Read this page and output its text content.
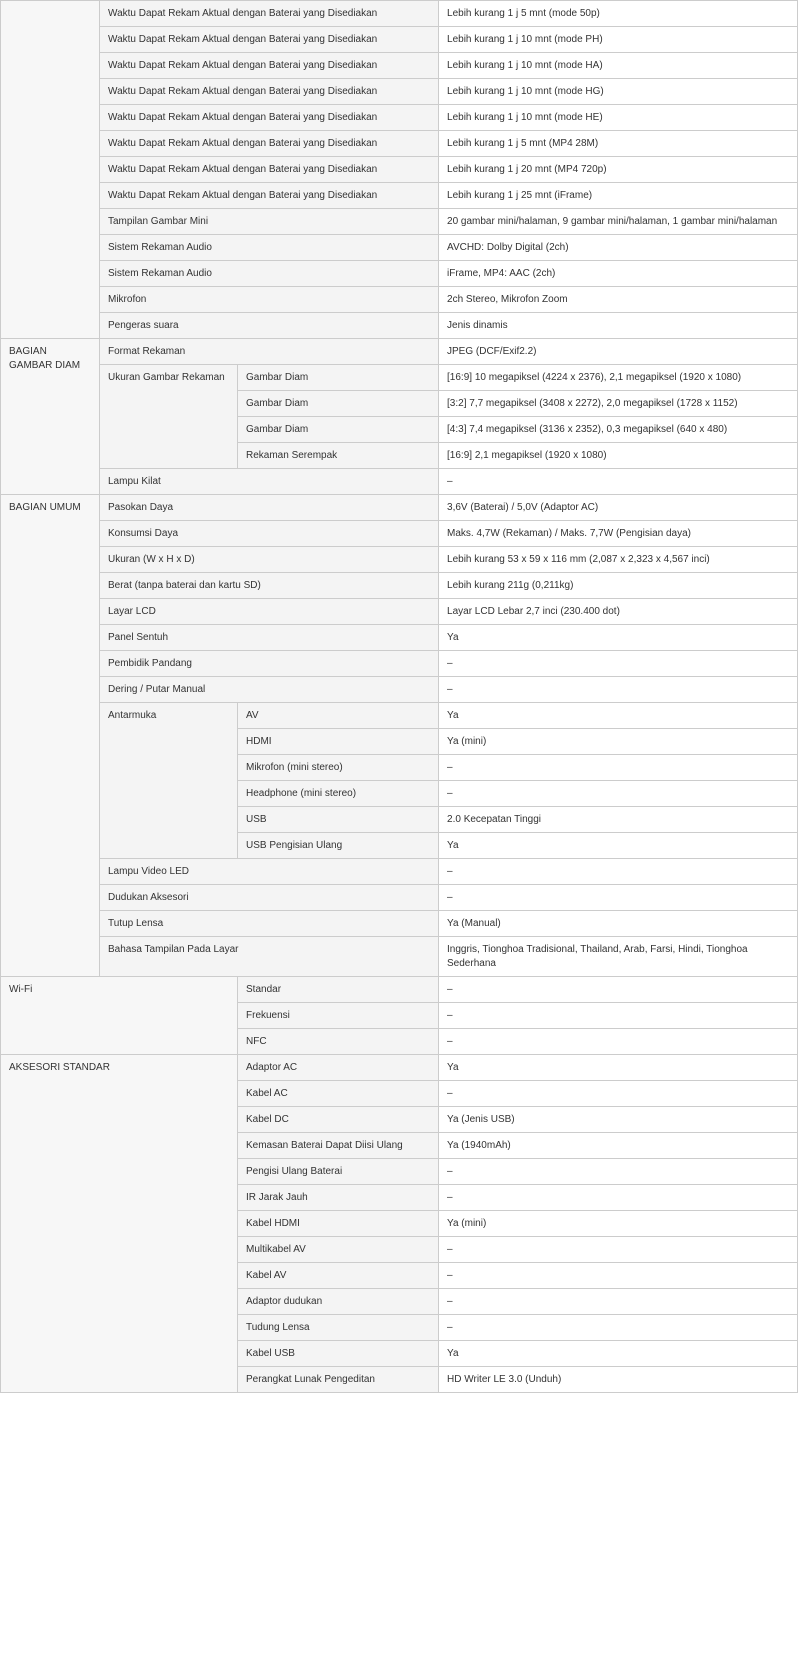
	Waktu Dapat Rekam Aktual dengan Baterai yang Disediakan		Lebih kurang 1 j 5 mnt (mode 50p)
	Waktu Dapat Rekam Aktual dengan Baterai yang Disediakan		Lebih kurang 1 j 10 mnt (mode PH)
	Waktu Dapat Rekam Aktual dengan Baterai yang Disediakan		Lebih kurang 1 j 10 mnt (mode HA)
	Waktu Dapat Rekam Aktual dengan Baterai yang Disediakan		Lebih kurang 1 j 10 mnt (mode HG)
	Waktu Dapat Rekam Aktual dengan Baterai yang Disediakan		Lebih kurang 1 j 10 mnt (mode HE)
	Waktu Dapat Rekam Aktual dengan Baterai yang Disediakan		Lebih kurang 1 j 5 mnt (MP4 28M)
	Waktu Dapat Rekam Aktual dengan Baterai yang Disediakan		Lebih kurang 1 j 20 mnt (MP4 720p)
	Waktu Dapat Rekam Aktual dengan Baterai yang Disediakan		Lebih kurang 1 j 25 mnt (iFrame)
	Tampilan Gambar Mini		20 gambar mini/halaman, 9 gambar mini/halaman, 1 gambar mini/halaman
	Sistem Rekaman Audio		AVCHD: Dolby Digital (2ch)
	Sistem Rekaman Audio		iFrame, MP4: AAC (2ch)
	Mikrofon		2ch Stereo, Mikrofon Zoom
	Pengeras suara		Jenis dinamis
BAGIAN GAMBAR DIAM	Format Rekaman		JPEG (DCF/Exif2.2)
	Ukuran Gambar Rekaman	Gambar Diam	[16:9] 10 megapiksel (4224 x 2376), 2,1 megapiksel (1920 x 1080)
		Gambar Diam	[3:2] 7,7 megapiksel (3408 x 2272), 2,0 megapiksel (1728 x 1152)
		Gambar Diam	[4:3] 7,4 megapiksel (3136 x 2352), 0,3 megapiksel (640 x 480)
		Rekaman Serempak	[16:9] 2,1 megapiksel (1920 x 1080)
	Lampu Kilat		–
BAGIAN UMUM	Pasokan Daya		3,6V (Baterai) / 5,0V (Adaptor AC)
	Konsumsi Daya		Maks. 4,7W (Rekaman) / Maks. 7,7W (Pengisian daya)
	Ukuran (W x H x D)		Lebih kurang 53 x 59 x 116 mm (2,087 x 2,323 x 4,567 inci)
	Berat (tanpa baterai dan kartu SD)		Lebih kurang 211g (0,211kg)
	Layar LCD		Layar LCD Lebar 2,7 inci (230.400 dot)
	Panel Sentuh		Ya
	Pembidik Pandang		–
	Dering / Putar Manual		–
	Antarmuka	AV	Ya
		HDMI	Ya (mini)
		Mikrofon (mini stereo)	–
		Headphone (mini stereo)	–
		USB	2.0 Kecepatan Tinggi
		USB Pengisian Ulang	Ya
	Lampu Video LED		–
	Dudukan Aksesori		–
	Tutup Lensa		Ya (Manual)
	Bahasa Tampilan Pada Layar		Inggris, Tionghoa Tradisional, Thailand, Arab, Farsi, Hindi, Tionghoa Sederhana
Wi-Fi		Standar	–
		Frekuensi	–
		NFC	–
AKSESORI STANDAR		Adaptor AC	Ya
		Kabel AC	–
		Kabel DC	Ya (Jenis USB)
		Kemasan Baterai Dapat Diisi Ulang	Ya (1940mAh)
		Pengisi Ulang Baterai	–
		IR Jarak Jauh	–
		Kabel HDMI	Ya (mini)
		Multikabel AV	–
		Kabel AV	–
		Adaptor dudukan	–
		Tudung Lensa	–
		Kabel USB	Ya
		Perangkat Lunak Pengeditan	HD Writer LE 3.0 (Unduh)
